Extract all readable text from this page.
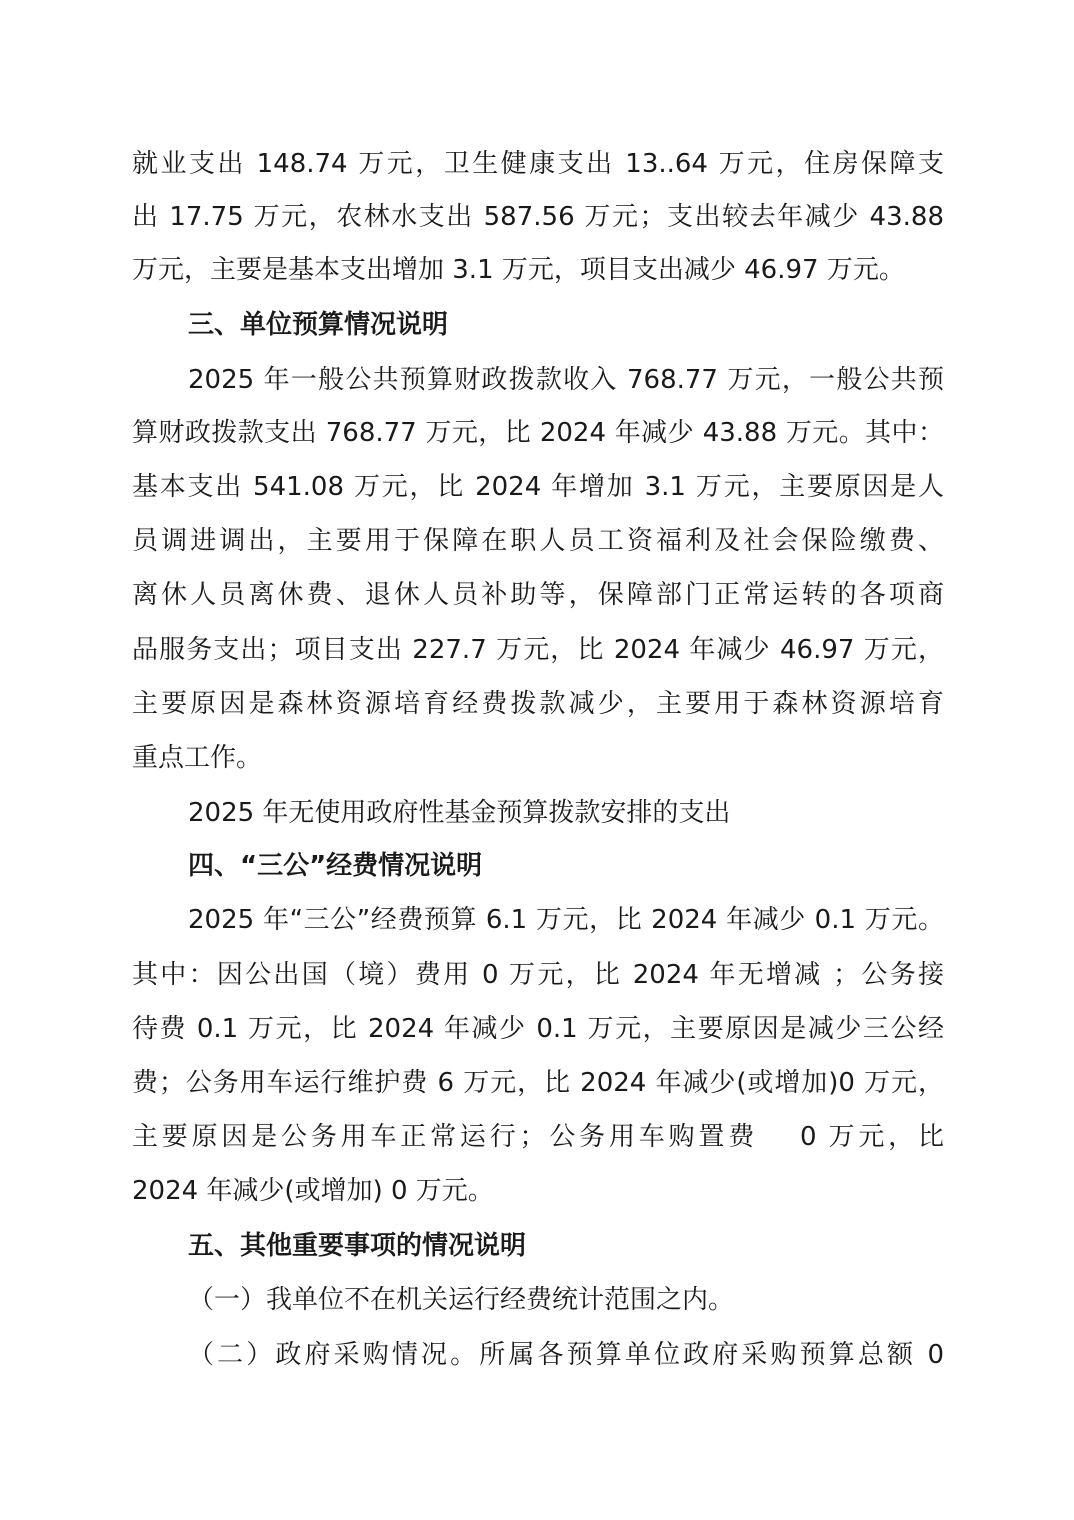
就业支出 148.74 万元，卫生健康支出 13..64 万元，住房保障支
出 17.75 万元，农林水支出 587.56 万元；支出较去年减少 43.88
万元，主要是基本支出增加 3.1 万元，项目支出减少 46.97 万元。
三、单位预算情况说明
2025 年一般公共预算财政拨款收入 768.77 万元，一般公共预
算财政拨款支出 768.77 万元，比 2024 年减少 43.88 万元。其中：
基本支出 541.08 万元，比 2024 年增加 3.1 万元，主要原因是人
员调进调出，主要用于保障在职人员工资福利及社会保险缴费、
离休人员离休费、退休人员补助等，保障部门正常运转的各项商
品服务支出；项目支出 227.7 万元，比 2024 年减少 46.97 万元，
主要原因是森林资源培育经费拨款减少，主要用于森林资源培育
重点工作。
2025 年无使用政府性基金预算拨款安排的支出
四、“三公”经费情况说明
2025 年“三公”经费预算 6.1 万元，比 2024 年减少 0.1 万元。
其中：因公出国（境）费用 0 万元，比 2024 年无增减 ；公务接
待费 0.1 万元，比 2024 年减少 0.1 万元，主要原因是减少三公经
费；公务用车运行维护费 6 万元，比 2024 年减少(或增加)0 万元，
主要原因是公务用车正常运行；公务用车购置费　 0 万元，比
2024 年减少(或增加) 0 万元。
五、其他重要事项的情况说明
（一）我单位不在机关运行经费统计范围之内。
（二）政府采购情况。所属各预算单位政府采购预算总额 0
